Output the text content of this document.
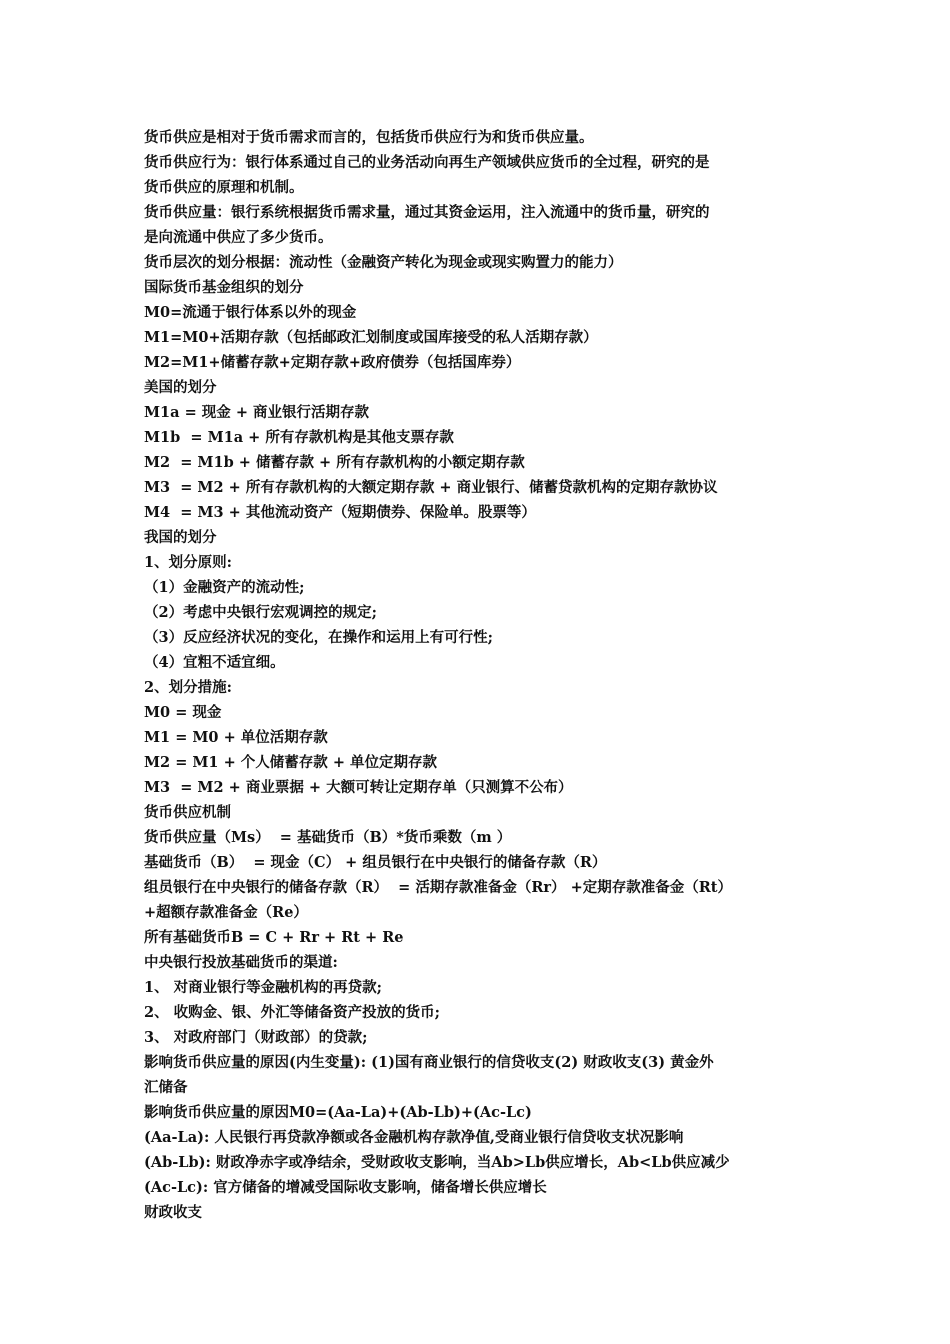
货币供应是相对于货币需求而言的，包括货币供应行为和货币供应量。
货币供应行为：银行体系通过自己的业务活动向再生产领域供应货币的全过程，研究的是
货币供应的原理和机制。
货币供应量：银行系统根据货币需求量，通过其资金运用，注入流通中的货币量，研究的
是向流通中供应了多少货币。
货币层次的划分根据：流动性（金融资产转化为现金或现实购置力的能力）
国际货币基金组织的划分
M0=流通于银行体系以外的现金
M1=M0+活期存款（包括邮政汇划制度或国库接受的私人活期存款）
M2=M1+储蓄存款+定期存款+政府债券（包括国库券）
美国的划分
M1a = 现金 + 商业银行活期存款
M1b  = M1a + 所有存款机构是其他支票存款
M2  = M1b + 储蓄存款 + 所有存款机构的小额定期存款
M3  = M2 + 所有存款机构的大额定期存款 + 商业银行、储蓄贷款机构的定期存款协议
M4  = M3 + 其他流动资产（短期债券、保险单。股票等）
我国的划分
1、划分原则:
（1）金融资产的流动性;
（2）考虑中央银行宏观调控的规定;
（3）反应经济状况的变化，在操作和运用上有可行性;
（4）宜粗不适宜细。
2、划分措施:
M0 = 现金
M1 = M0 + 单位活期存款
M2 = M1 + 个人储蓄存款 + 单位定期存款
M3  = M2 + 商业票据 + 大额可转让定期存单（只测算不公布）
货币供应机制
货币供应量（Ms）  = 基础货币（B）*货币乘数（m ）
基础货币（B）  = 现金（C） + 组员银行在中央银行的储备存款（R）
组员银行在中央银行的储备存款（R）  = 活期存款准备金（Rr） +定期存款准备金（Rt）
+超额存款准备金（Re）
所有基础货币B = C + Rr + Rt + Re
中央银行投放基础货币的渠道:
1、 对商业银行等金融机构的再贷款;
2、 收购金、银、外汇等储备资产投放的货币;
3、 对政府部门（财政部）的贷款;
影响货币供应量的原因(内生变量): (1)国有商业银行的信贷收支(2) 财政收支(3) 黄金外
汇储备
影响货币供应量的原因M0=(Aa-La)+(Ab-Lb)+(Ac-Lc)
(Aa-La): 人民银行再贷款净额或各金融机构存款净值,受商业银行信贷收支状况影响
(Ab-Lb): 财政净赤字或净结余，受财政收支影响，当Ab>Lb供应增长，Ab<Lb供应减少
(Ac-Lc): 官方储备的增减受国际收支影响，储备增长供应增长
财政收支
